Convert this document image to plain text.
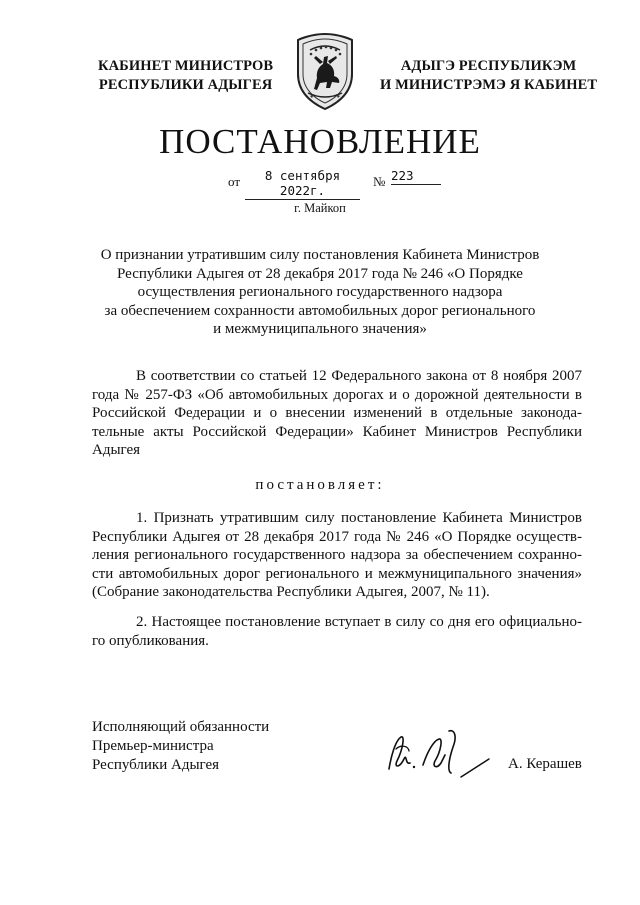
КАБИНЕТ МИНИСТРОВ
РЕСПУБЛИКИ АДЫГЕЯ
АДЫГЭ РЕСПУБЛИКЭМ
И МИНИСТРЭМЭ Я КАБИНЕТ
ПОСТАНОВЛЕНИЕ
от	8 сентября 2022г.
№ 223
г. Майкоп
О признании утратившим силу постановления Кабинета Министров
Республики Адыгея от 28 декабря 2017 года № 246 «О Порядке
осуществления регионального государственного надзора
за обеспечением сохранности автомобильных дорог регионального
и межмуниципального значения»
В соответствии со статьей 12 Федерального закона от 8 ноября 2007 года № 257-ФЗ «Об автомобильных дорогах и о дорожной деятельности в Российской Федерации и о внесении изменений в отдельные законода-тельные акты Российской Федерации» Кабинет Министров Республики Адыгея
постановляет:
1. Признать утратившим силу постановление Кабинета Министров Республики Адыгея от 28 декабря 2017 года № 246 «О Порядке осуществ-ления регионального государственного надзора за обеспечением сохранно-сти автомобильных дорог регионального и межмуниципального значения» (Собрание законодательства Республики Адыгея, 2007, № 11).
2. Настоящее постановление вступает в силу со дня его официально-го опубликования.
Исполняющий обязанности
Премьер-министра
Республики Адыгея	А. Керашев
